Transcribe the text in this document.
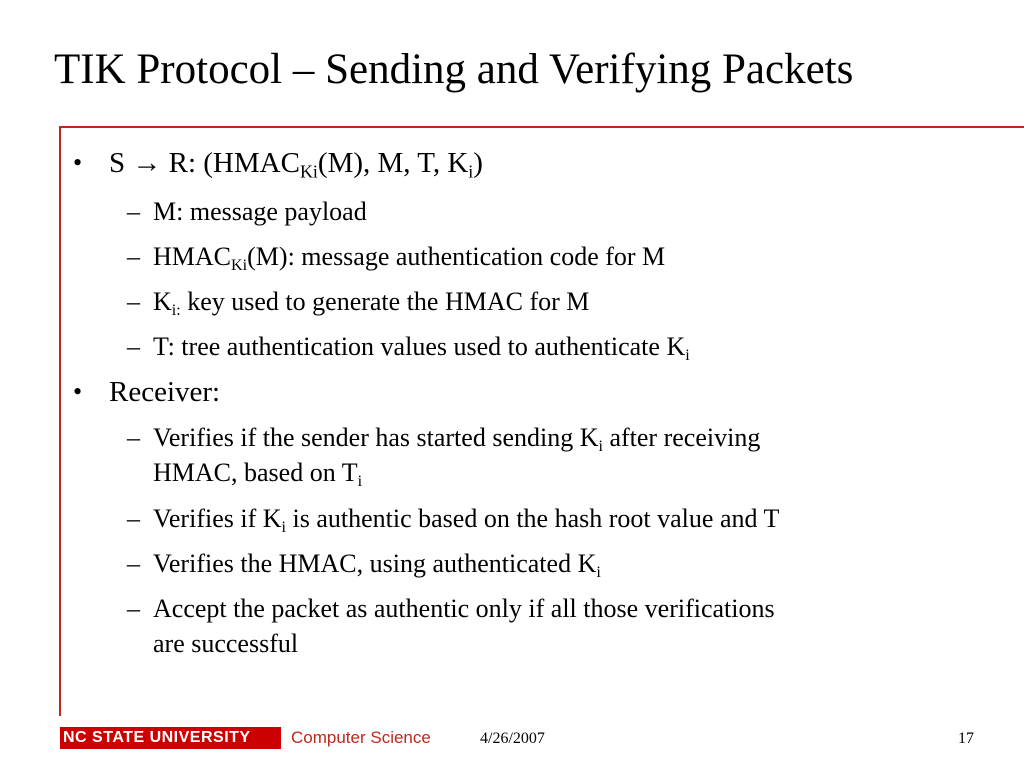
TIK Protocol – Sending and Verifying Packets
• S → R: ($HMAC_{Ki}(M)$, M, T, $K_i$)
– M: message payload
– $HMAC_{Ki}(M)$: message authentication code for M
– $K_{i:}$ key used to generate the HMAC for M
– T: tree authentication values used to authenticate $K_i$
• Receiver:
– Verifies if the sender has started sending $K_i$ after receiving
HMAC, based on $T_i$
– Verifies if $K_i$ is authentic based on the hash root value and T
– Verifies the HMAC, using authenticated $K_i$
– Accept the packet as authentic only if all those verifications
are successful
NC STATE UNIVERSITY	Computer Science	4/26/2007	17
